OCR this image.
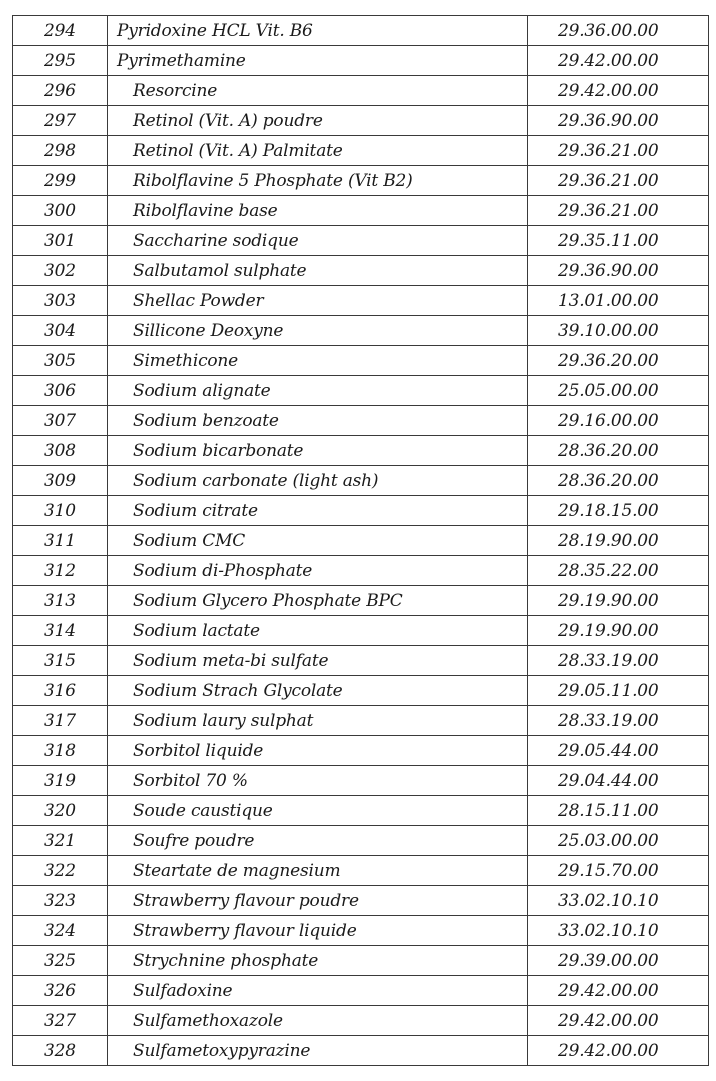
294	Pyridoxine HCL Vit. B6	29.36.00.00
295	Pyrimethamine	29.42.00.00
296	Resorcine	29.42.00.00
297	Retinol (Vit. A) poudre	29.36.90.00
298	Retinol (Vit. A) Palmitate	29.36.21.00
299	Ribolflavine 5 Phosphate (Vit B2)	29.36.21.00
300	Ribolflavine base	29.36.21.00
301	Saccharine sodique	29.35.11.00
302	Salbutamol sulphate	29.36.90.00
303	Shellac Powder	13.01.00.00
304	Sillicone Deoxyne	39.10.00.00
305	Simethicone	29.36.20.00
306	Sodium alignate	25.05.00.00
307	Sodium benzoate	29.16.00.00
308	Sodium bicarbonate	28.36.20.00
309	Sodium carbonate (light ash)	28.36.20.00
310	Sodium citrate	29.18.15.00
311	Sodium CMC	28.19.90.00
312	Sodium di-Phosphate	28.35.22.00
313	Sodium Glycero Phosphate BPC	29.19.90.00
314	Sodium lactate	29.19.90.00
315	Sodium meta-bi sulfate	28.33.19.00
316	Sodium Strach Glycolate	29.05.11.00
317	Sodium laury sulphat	28.33.19.00
318	Sorbitol liquide	29.05.44.00
319	Sorbitol 70 %	29.04.44.00
320	Soude caustique	28.15.11.00
321	Soufre poudre	25.03.00.00
322	Steartate de magnesium	29.15.70.00
323	Strawberry flavour poudre	33.02.10.10
324	Strawberry flavour liquide	33.02.10.10
325	Strychnine phosphate	29.39.00.00
326	Sulfadoxine	29.42.00.00
327	Sulfamethoxazole	29.42.00.00
328	Sulfametoxypyrazine	29.42.00.00
